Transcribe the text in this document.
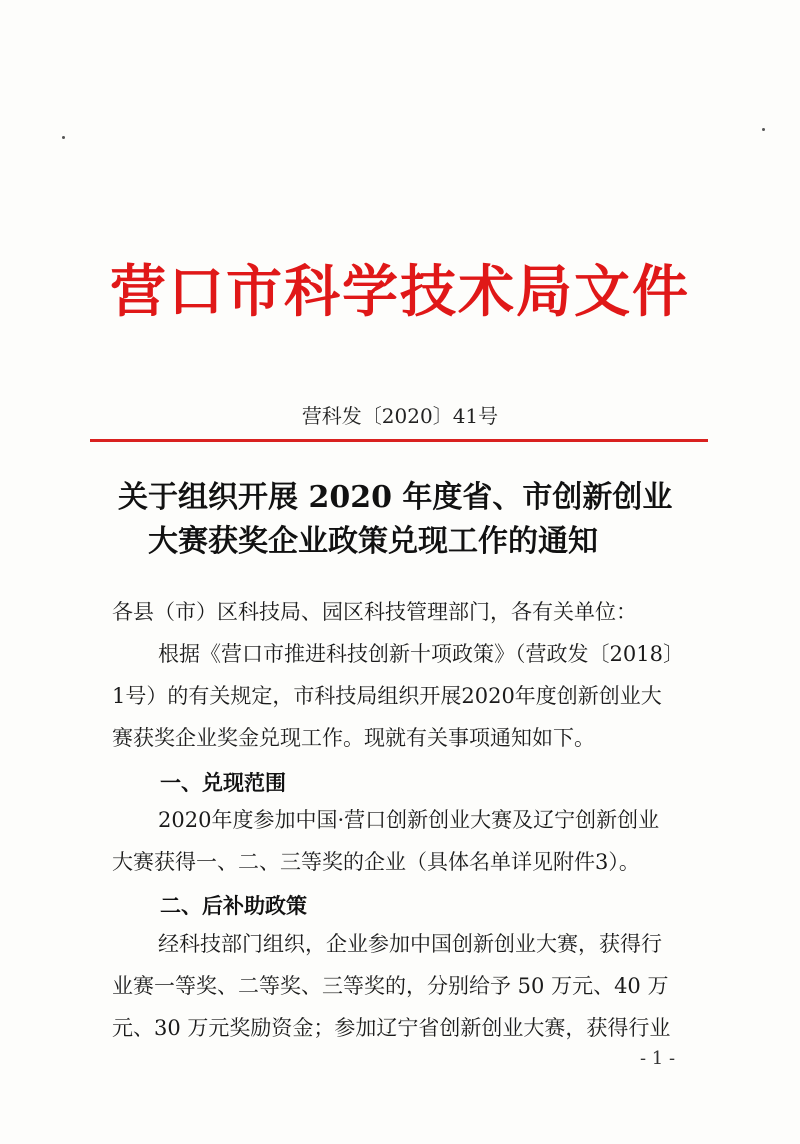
营口市科学技术局文件
营科发〔2020〕41号
关于组织开展 2020 年度省、市创新创业
大赛获奖企业政策兑现工作的通知
各县（市）区科技局、园区科技管理部门，各有关单位：
根据《营口市推进科技创新十项政策》（营政发〔2018〕
1号）的有关规定，市科技局组织开展2020年度创新创业大
赛获奖企业奖金兑现工作。现就有关事项通知如下。
一、兑现范围
2020年度参加中国·营口创新创业大赛及辽宁创新创业
大赛获得一、二、三等奖的企业（具体名单详见附件3）。
二、后补助政策
经科技部门组织，企业参加中国创新创业大赛，获得行
业赛一等奖、二等奖、三等奖的，分别给予 50 万元、40 万
元、30 万元奖励资金；参加辽宁省创新创业大赛，获得行业
- 1 -
